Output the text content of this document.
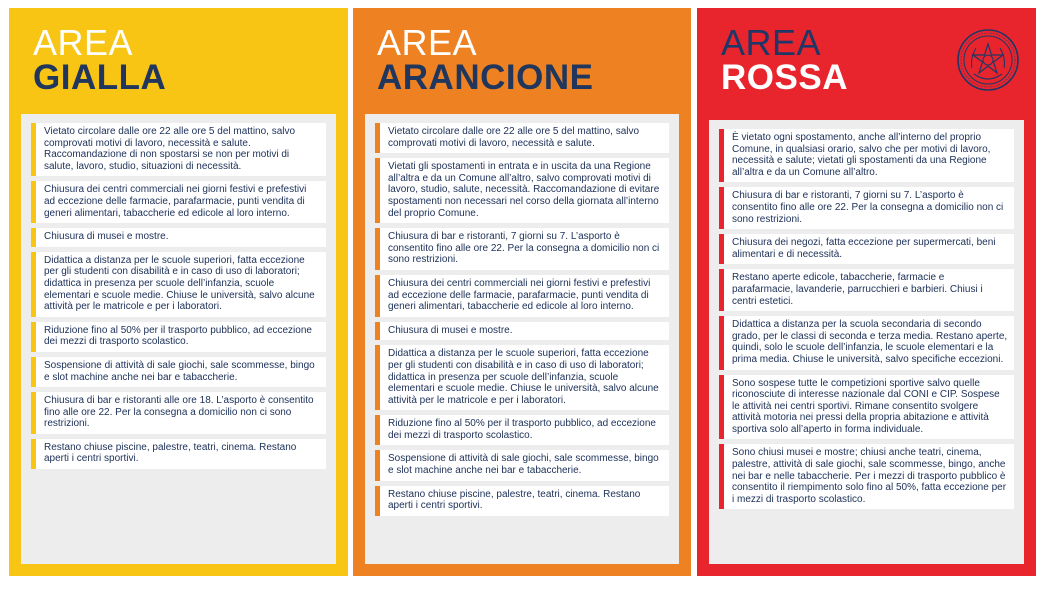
AREA
GIALLA
Vietato circolare dalle ore 22 alle ore 5 del mattino, salvo comprovati motivi di lavoro, necessità e salute. Raccomandazione di non spostarsi se non per motivi di salute, lavoro, studio, situazioni di necessità.
Chiusura dei centri commerciali nei giorni festivi e prefestivi ad eccezione delle farmacie, parafarmacie, punti vendita di generi alimentari, tabaccherie ed edicole al loro interno.
Chiusura di musei e mostre.
Didattica a distanza per le scuole superiori, fatta eccezione per gli studenti con disabilità e in caso di uso di laboratori; didattica in presenza per scuole dell’infanzia, scuole elementari e scuole medie. Chiuse le università, salvo alcune attività per le matricole e per i laboratori.
Riduzione fino al 50% per il trasporto pubblico, ad eccezione dei mezzi di trasporto scolastico.
Sospensione di attività di sale giochi, sale scommesse, bingo e slot machine anche nei bar e tabaccherie.
Chiusura di bar e ristoranti alle ore 18. L’asporto è consentito fino alle ore 22. Per la consegna a domicilio non ci sono restrizioni.
Restano chiuse piscine, palestre, teatri, cinema. Restano aperti i centri sportivi.
AREA
ARANCIONE
Vietato circolare dalle ore 22 alle ore 5 del mattino, salvo comprovati motivi di lavoro, necessità e salute.
Vietati gli spostamenti in entrata e in uscita da una Regione all’altra e da un Comune all’altro, salvo comprovati motivi di lavoro, studio, salute, necessità. Raccomandazione di evitare spostamenti non necessari nel corso della giornata all’interno del proprio Comune.
Chiusura di bar e ristoranti, 7 giorni su 7. L’asporto è consentito fino alle ore 22. Per la consegna a domicilio non ci sono restrizioni.
Chiusura dei centri commerciali nei giorni festivi e prefestivi ad eccezione delle farmacie, parafarmacie, punti vendita di generi alimentari, tabaccherie ed edicole al loro interno.
Chiusura di musei e mostre.
Didattica a distanza per le scuole superiori, fatta eccezione per gli studenti con disabilità e in caso di uso di laboratori; didattica in presenza per scuole dell’infanzia, scuole elementari e scuole medie. Chiuse le università, salvo alcune attività per le matricole e per i laboratori.
Riduzione fino al 50% per il trasporto pubblico, ad eccezione dei mezzi di trasporto scolastico.
Sospensione di attività di sale giochi, sale scommesse, bingo e slot machine anche nei bar e tabaccherie.
Restano chiuse piscine, palestre, teatri, cinema. Restano aperti i centri sportivi.
AREA
ROSSA
È vietato ogni spostamento, anche all’interno del proprio Comune, in qualsiasi orario, salvo che per motivi di lavoro, necessità e salute; vietati gli spostamenti da una Regione all’altra e da un Comune all’altro.
Chiusura di bar e ristoranti, 7 giorni su 7. L’asporto è consentito fino alle ore 22. Per la consegna a domicilio non ci sono restrizioni.
Chiusura dei negozi, fatta eccezione per supermercati, beni alimentari e di necessità.
Restano aperte edicole, tabaccherie, farmacie e parafarmacie, lavanderie, parrucchieri e barbieri. Chiusi i centri estetici.
Didattica a distanza per la scuola secondaria di secondo grado, per le classi di seconda e terza media. Restano aperte, quindi, solo le scuole dell’infanzia, le scuole elementari e la prima media. Chiuse le università, salvo specifiche eccezioni.
Sono sospese tutte le competizioni sportive salvo quelle riconosciute di interesse nazionale dal CONI e CIP. Sospese le attività nei centri sportivi. Rimane consentito svolgere attività motoria nei pressi della propria abitazione e attività sportiva solo all’aperto in forma individuale.
Sono chiusi musei e mostre; chiusi anche teatri, cinema, palestre, attività di sale giochi, sale scommesse, bingo, anche nei bar e nelle tabaccherie. Per i mezzi di trasporto pubblico è consentito il riempimento solo fino al 50%, fatta eccezione per i mezzi di trasporto scolastico.
